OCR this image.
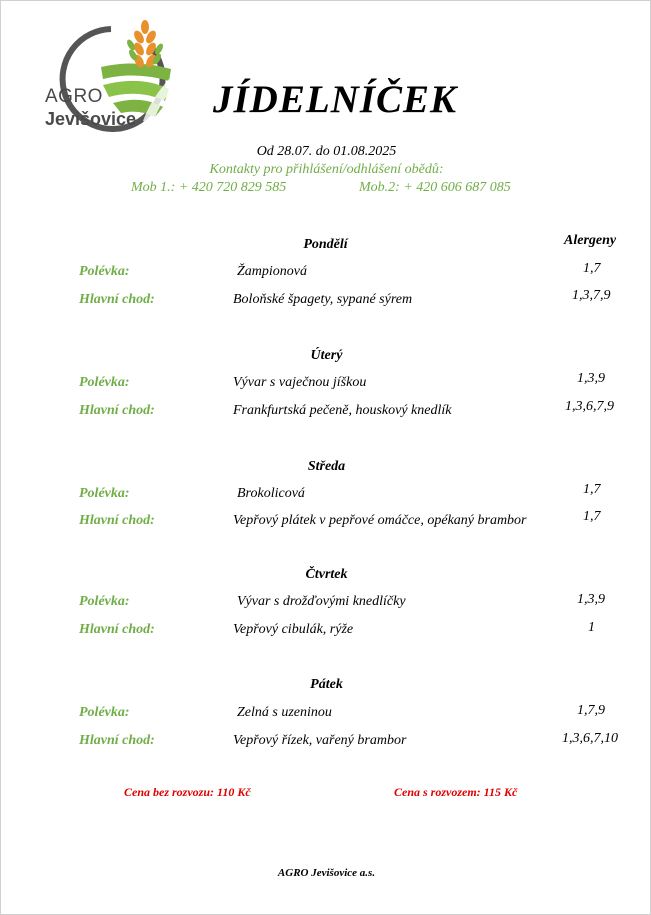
AGRO
Jevišovice JÍDELNÍČEK
Od 28.07. do 01.08.2025
Kontakty pro přihlášení/odhlášení obědů:
Mob 1.: + 420 720 829 585	Mob.2: + 420 606 687 085
Alergeny
Pondělí
Polévka:	Žampionová	1,7
Hlavní chod:	Boloňské špagety, sypané sýrem	1,3,7,9
Úterý
Polévka:	Vývar s vaječnou jíškou	1,3,9
Hlavní chod:	Frankfurtská pečeně, houskový knedlík	1,3,6,7,9
Středa
Polévka:	Brokolicová	1,7
Hlavní chod:	Vepřový plátek v pepřové omáčce, opékaný brambor	1,7
Čtvrtek
Polévka:	Vývar s drožďovými knedlíčky	1,3,9
Hlavní chod:	Vepřový cibulák, rýže	1
Pátek
Polévka:	Zelná s uzeninou	1,7,9
Hlavní chod:	Vepřový řízek, vařený brambor	1,3,6,7,10
Cena bez rozvozu: 110 Kč	Cena s rozvozem: 115 Kč
AGRO Jevišovice a.s.
